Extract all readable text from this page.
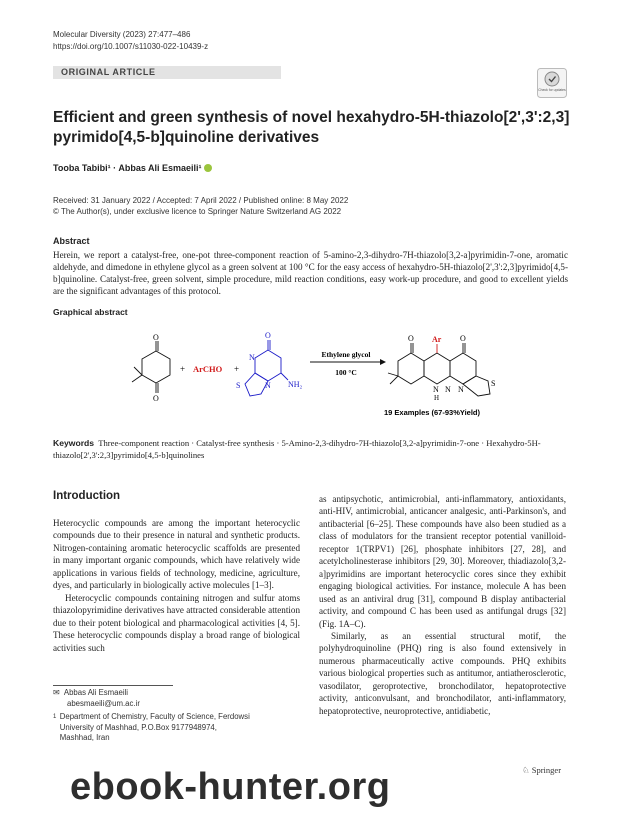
Molecular Diversity (2023) 27:477–486
https://doi.org/10.1007/s11030-022-10439-z
ORIGINAL ARTICLE
Check for updates
Efficient and green synthesis of novel hexahydro-5H-thiazolo[2',3':2,3] pyrimido[4,5-b]quinoline derivatives
Tooba Tabibi¹ · Abbas Ali Esmaeili¹
Received: 31 January 2022 / Accepted: 7 April 2022 / Published online: 8 May 2022
© The Author(s), under exclusive licence to Springer Nature Switzerland AG 2022
Abstract
Herein, we report a catalyst-free, one-pot three-component reaction of 5-amino-2,3-dihydro-7H-thiazolo[3,2-a]pyrimidin-7-one, aromatic aldehyde, and dimedone in ethylene glycol as a green solvent at 100 °C for the easy access of hexahydro-5H-thiazolo[2',3':2,3]pyrimido[4,5-b]quinoline. Catalyst-free, green solvent, simple procedure, mild reaction conditions, easy work-up procedure, and good to excellent yields are the significant advantages of this protocol.
Graphical abstract
O
O
+ ArCHO +
O
N
S	N NH₂
Ethylene glycol
100 °C
Ar
O	O
N
H
N N
S
19 Examples (67-93%Yield)
Keywords Three-component reaction · Catalyst-free synthesis · 5-Amino-2,3-dihydro-7H-thiazolo[3,2-a]pyrimidin-7-one · Hexahydro-5H-thiazolo[2',3':2,3]pyrimido[4,5-b]quinolines
Introduction

Heterocyclic compounds are among the important heterocyclic compounds due to their presence in natural and synthetic products. Nitrogen-containing aromatic heterocyclic scaffolds are presented in many important organic compounds, which have relatively wide applications in various fields of technology, medicine, agriculture, dyes, and particularly in biologically active molecules [1–3].

Heterocyclic compounds containing nitrogen and sulfur atoms thiazolopyrimidine derivatives have attracted considerable attention due to their potent biological and pharmacological activities [4, 5]. These heterocyclic compounds display a broad range of biological activities such

as antipsychotic, antimicrobial, anti-inflammatory, antioxidants, anti-HIV, antimicrobial, anticancer analgesic, anti-Parkinson's, and antibacterial [6–25]. These compounds have also been studied as a class of modulators for the transient receptor potential vanilloid-receptor 1(TRPV1) [26], phosphate inhibitors [27, 28], and acetylcholinesterase inhibitors [29, 30]. Moreover, thiadiazolo[3,2-a]pyrimidins are important heterocyclic cores since they exhibit engaging biological activities. For instance, molecule A has been used as an antiviral drug [31], compound B display antibacterial activity, and compound C has been used as antifungal drugs [32] (Fig. 1A–C).

Similarly, as an essential structural motif, the polyhydroquinoline (PHQ) ring is also found extensively in numerous pharmaceutically active compounds. PHQ exhibits various biological properties such as antitumor, antiatherosclerotic, vasodilator, geroprotective, bronchodilator, hepatoprotective activity, anticonvulsant, and bronchodilator, anti-inflammatory, hepatoprotective, neuroprotective, antidiabetic,

✉ Abbas Ali Esmaeili
abesmaeili@um.ac.ir
1 Department of Chemistry, Faculty of Science, Ferdowsi University of Mashhad, P.O.Box 9177948974, Mashhad, Iran
♘ Springer
ebook-hunter.org
